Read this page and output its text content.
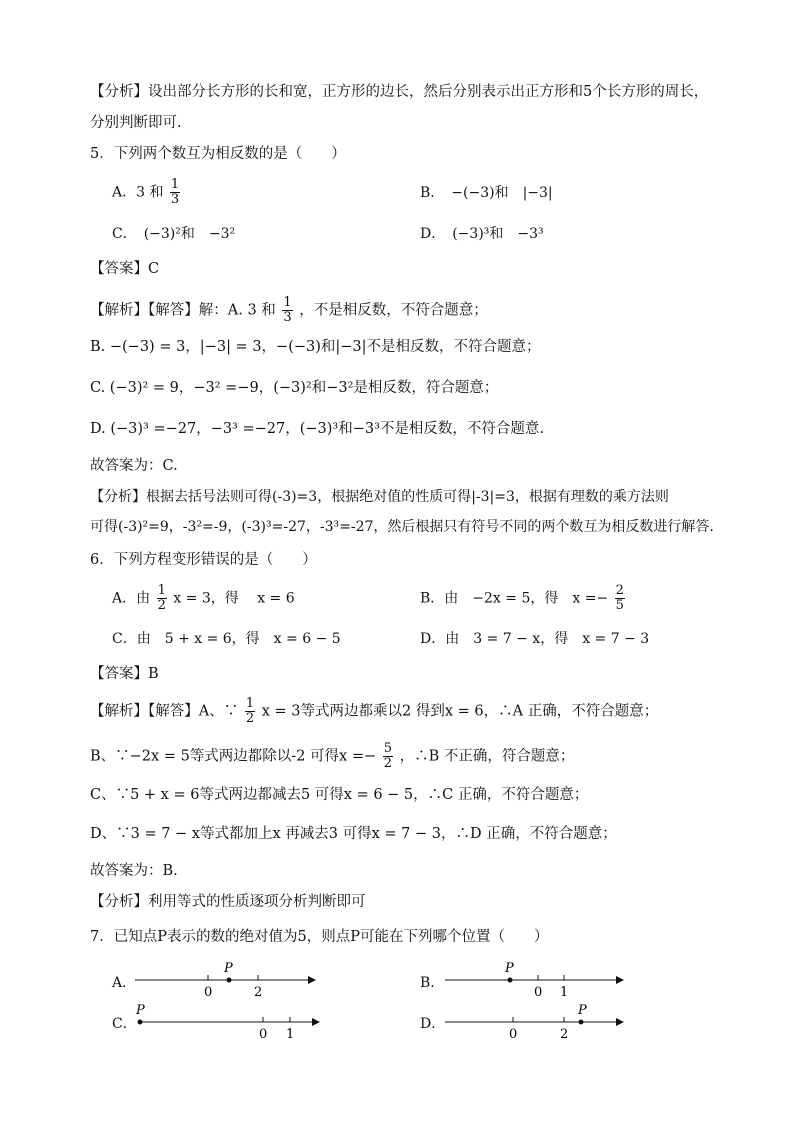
【分析】设出部分长方形的长和宽，正方形的边长，然后分别表示出正方形和5个长方形的周长，
分别判断即可.
5．下列两个数互为相反数的是（　　）
A．3 和 $\frac{1}{3}$	B．　−(−3)和　|−3|
C．　(−3)²和　−3²	D．　(−3)³和　−3³
【答案】C
【解析】【解答】解：A. 3 和 $\frac{1}{3}$ ，不是相反数，不符合题意；
B. −(−3) = 3，|−3| = 3，−(−3)和|−3|不是相反数，不符合题意；
C. (−3)² = 9，−3² =−9，(−3)²和−3²是相反数，符合题意；
D. (−3)³ =−27，−3³ =−27，(−3)³和−3³不是相反数，不符合题意.
故答案为：C.
【分析】根据去括号法则可得(-3)=3，根据绝对值的性质可得|-3|=3，根据有理数的乘方法则
可得(-3)²=9，-3²=-9，(-3)³=-27，-3³=-27，然后根据只有符号不同的两个数互为相反数进行解答.
6．下列方程变形错误的是（　　）
A．由 $\frac{1}{2}$ x = 3，得　 x = 6	B．由　−2x = 5，得　$x =- \frac{2}{5}$
C．由　5 + x = 6，得　x = 6 − 5	D．由　3 = 7 − x，得　x = 7 − 3
【答案】B
【解析】【解答】A、∵ $\frac{1}{2}$ x = 3等式两边都乘以2 得到x = 6，∴A 正确，不符合题意；
B、∵−2x = 5等式两边都除以-2 可得$x =- \frac{5}{2}$ ，∴B 不正确，符合题意；
C、∵5 + x = 6等式两边都减去5 可得x = 6 − 5，∴C 正确，不符合题意；
D、∵3 = 7 − x等式都加上x 再减去3 可得x = 7 − 3，∴D 正确，不符合题意；
故答案为：B.
【分析】利用等式的性质逐项分析判断即可
7．已知点P表示的数的绝对值为5，则点P可能在下列哪个位置（　　）
A．
P
0	2
B．
P
0 1
C．
P
0 1
D．
P
0	2
